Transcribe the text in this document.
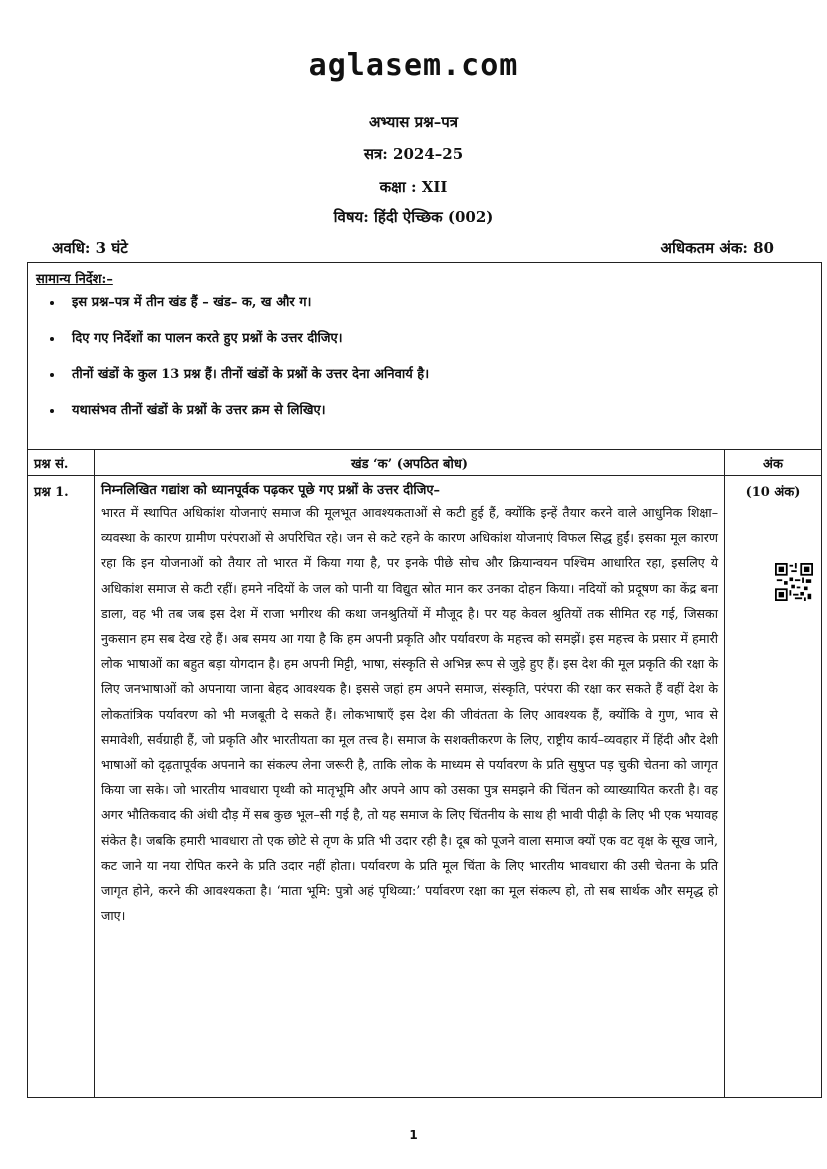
aglasem.com
अभ्यास प्रश्न–पत्र
सत्र: 2024–25
कक्षा : XII
विषय: हिंदी ऐच्छिक (002)
अवधि: 3 घंटे	अधिकतम अंक: 80
सामान्य निर्देश:–
• इस प्रश्न–पत्र में तीन खंड हैं – खंड– क, ख और ग।
• दिए गए निर्देशों का पालन करते हुए प्रश्नों के उत्तर दीजिए।
• तीनों खंडों के कुल 13 प्रश्न हैं। तीनों खंडों के प्रश्नों के उत्तर देना अनिवार्य है।
• यथासंभव तीनों खंडों के प्रश्नों के उत्तर क्रम से लिखिए।
प्रश्न सं.
प्रश्न 1.
खंड ‘क’ (अपठित बोध)
निम्नलिखित गद्यांश को ध्यानपूर्वक पढ़कर पूछे गए प्रश्नों के उत्तर दीजिए–
भारत में स्थापित अधिकांश योजनाएं समाज की मूलभूत आवश्यकताओं से कटी हुई हैं, क्योंकि इन्हें तैयार करने वाले आधुनिक शिक्षा–व्यवस्था के कारण ग्रामीण परंपराओं से अपरिचित रहे। जन से कटे रहने के कारण अधिकांश योजनाएं विफल सिद्ध हुईं। इसका मूल कारण रहा कि इन योजनाओं को तैयार तो भारत में किया गया है, पर इनके पीछे सोच और क्रियान्वयन पश्चिम आधारित रहा, इसलिए ये अधिकांश समाज से कटी रहीं। हमने नदियों के जल को पानी या विद्युत स्रोत मान कर उनका दोहन किया। नदियों को प्रदूषण का केंद्र बना डाला, वह भी तब जब इस देश में राजा भगीरथ की कथा जनश्रुतियों में मौजूद है। पर यह केवल श्रुतियों तक सीमित रह गई, जिसका नुकसान हम सब देख रहे हैं। अब समय आ गया है कि हम अपनी प्रकृति और पर्यावरण के महत्त्व को समझें। इस महत्त्व के प्रसार में हमारी लोक भाषाओं का बहुत बड़ा योगदान है। हम अपनी मिट्टी, भाषा, संस्कृति से अभिन्न रूप से जुड़े हुए हैं। इस देश की मूल प्रकृति की रक्षा के लिए जनभाषाओं को अपनाया जाना बेहद आवश्यक है। इससे जहां हम अपने समाज, संस्कृति, परंपरा की रक्षा कर सकते हैं वहीं देश के लोकतांत्रिक पर्यावरण को भी मजबूती दे सकते हैं। लोकभाषाएँ इस देश की जीवंतता के लिए आवश्यक हैं, क्योंकि वे गुण, भाव से समावेशी, सर्वग्राही हैं, जो प्रकृति और भारतीयता का मूल तत्त्व है। समाज के सशक्तीकरण के लिए, राष्ट्रीय कार्य–व्यवहार में हिंदी और देशी भाषाओं को दृढ़तापूर्वक अपनाने का संकल्प लेना जरूरी है, ताकि लोक के माध्यम से पर्यावरण के प्रति सुषुप्त पड़ चुकी चेतना को जागृत किया जा सके। जो भारतीय भावधारा पृथ्वी को मातृभूमि और अपने आप को उसका पुत्र समझने की चिंतन को व्याख्यायित करती है। वह अगर भौतिकवाद की अंधी दौड़ में सब कुछ भूल–सी गई है, तो यह समाज के लिए चिंतनीय के साथ ही भावी पीढ़ी के लिए भी एक भयावह संकेत है। जबकि हमारी भावधारा तो एक छोटे से तृण के प्रति भी उदार रही है। दूब को पूजने वाला समाज क्यों एक वट वृक्ष के सूख जाने, कट जाने या नया रोपित करने के प्रति उदार नहीं होता। पर्यावरण के प्रति मूल चिंता के लिए भारतीय भावधारा की उसी चेतना के प्रति जागृत होने, करने की आवश्यकता है। ‘माता भूमि: पुत्रो अहं पृथिव्या:’ पर्यावरण रक्षा का मूल संकल्प हो, तो सब सार्थक और समृद्ध हो जाए।
अंक
(10 अंक)
1
